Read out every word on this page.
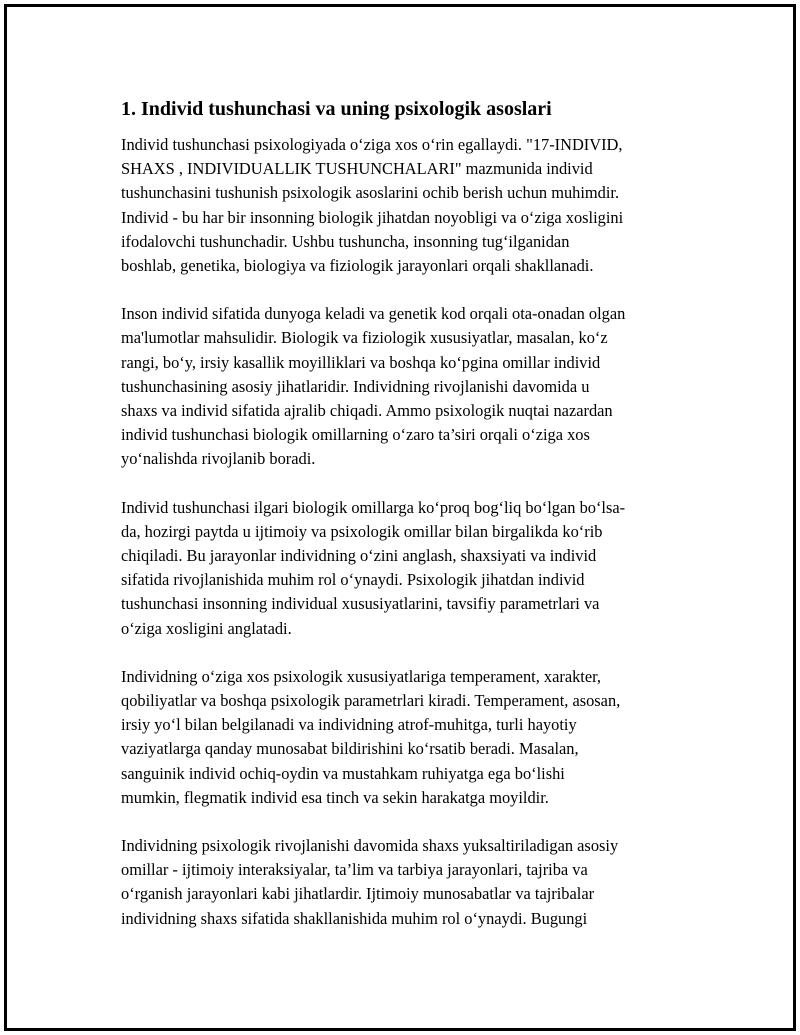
1. Individ tushunchasi va uning psixologik asoslari

Individ tushunchasi psixologiyada o‘ziga xos o‘rin egallaydi. "17-INDIVID,
SHAXS , INDIVIDUALLIK TUSHUNCHALARI" mazmunida individ
tushunchasini tushunish psixologik asoslarini ochib berish uchun muhimdir.
Individ - bu har bir insonning biologik jihatdan noyobligi va o‘ziga xosligini
ifodalovchi tushunchadir. Ushbu tushuncha, insonning tug‘ilganidan
boshlab, genetika, biologiya va fiziologik jarayonlari orqali shakllanadi.

Inson individ sifatida dunyoga keladi va genetik kod orqali ota-onadan olgan
ma'lumotlar mahsulidir. Biologik va fiziologik xususiyatlar, masalan, ko‘z
rangi, bo‘y, irsiy kasallik moyilliklari va boshqa ko‘pgina omillar individ
tushunchasining asosiy jihatlaridir. Individning rivojlanishi davomida u
shaxs va individ sifatida ajralib chiqadi. Ammo psixologik nuqtai nazardan
individ tushunchasi biologik omillarning o‘zaro ta’siri orqali o‘ziga xos
yo‘nalishda rivojlanib boradi.

Individ tushunchasi ilgari biologik omillarga ko‘proq bog‘liq bo‘lgan bo‘lsa-
da, hozirgi paytda u ijtimoiy va psixologik omillar bilan birgalikda ko‘rib
chiqiladi. Bu jarayonlar individning o‘zini anglash, shaxsiyati va individ
sifatida rivojlanishida muhim rol o‘ynaydi. Psixologik jihatdan individ
tushunchasi insonning individual xususiyatlarini, tavsifiy parametrlari va
o‘ziga xosligini anglatadi.

Individning o‘ziga xos psixologik xususiyatlariga temperament, xarakter,
qobiliyatlar va boshqa psixologik parametrlari kiradi. Temperament, asosan,
irsiy yo‘l bilan belgilanadi va individning atrof-muhitga, turli hayotiy
vaziyatlarga qanday munosabat bildirishini ko‘rsatib beradi. Masalan,
sanguinik individ ochiq-oydin va mustahkam ruhiyatga ega bo‘lishi
mumkin, flegmatik individ esa tinch va sekin harakatga moyildir.

Individning psixologik rivojlanishi davomida shaxs yuksaltiriladigan asosiy
omillar - ijtimoiy interaksiyalar, ta’lim va tarbiya jarayonlari, tajriba va
o‘rganish jarayonlari kabi jihatlardir. Ijtimoiy munosabatlar va tajribalar
individning shaxs sifatida shakllanishida muhim rol o‘ynaydi. Bugungi
